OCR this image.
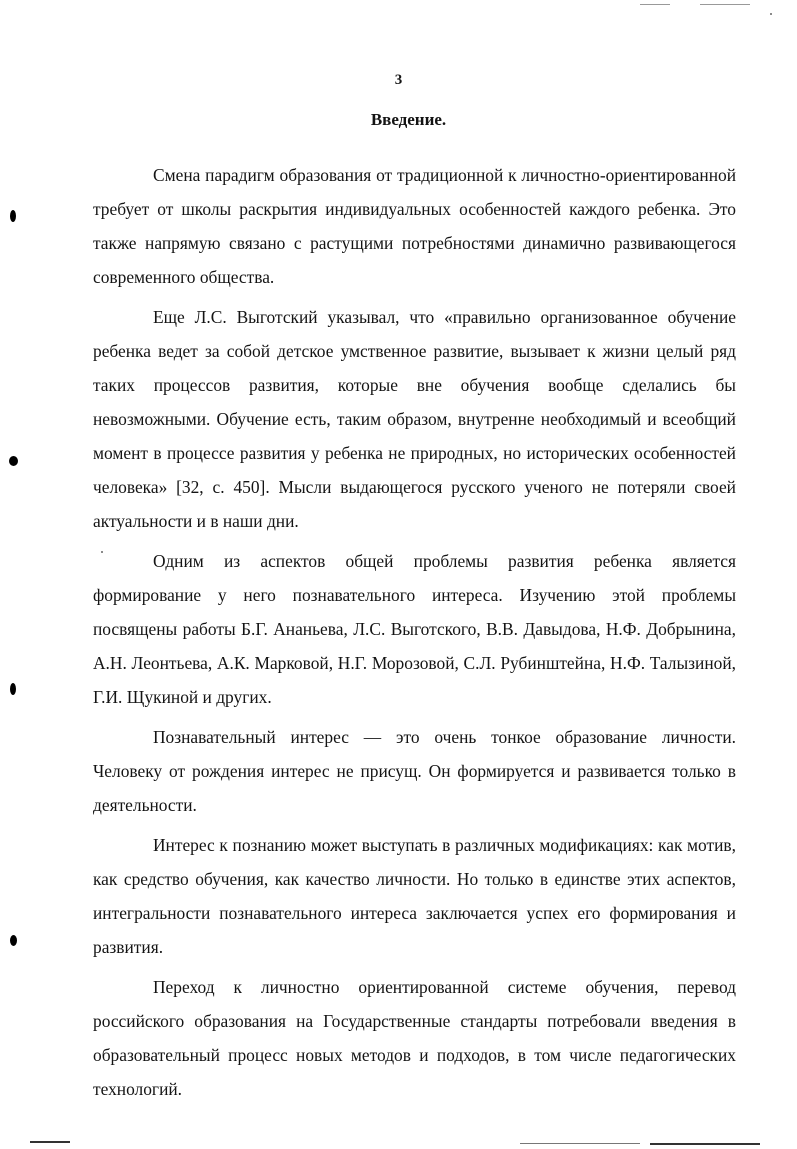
3
Введение.

Смена парадигм образования от традиционной к личностно-ориентированной требует от школы раскрытия индивидуальных особенностей каждого ребенка. Это также напрямую связано с растущими потребностями динамично развивающегося современного общества.

Еще Л.С. Выготский указывал, что «правильно организованное обучение ребенка ведет за собой детское умственное развитие, вызывает к жизни целый ряд таких процессов развития, которые вне обучения вообще сделались бы невозможными. Обучение есть, таким образом, внутренне необходимый и всеобщий момент в процессе развития у ребенка не природных, но исторических особенностей человека» [32, с. 450]. Мысли выдающегося русского ученого не потеряли своей актуальности и в наши дни.

Одним из аспектов общей проблемы развития ребенка является формирование у него познавательного интереса. Изучению этой проблемы посвящены работы Б.Г. Ананьева, Л.С. Выготского, В.В. Давыдова, Н.Ф. Добрынина, А.Н. Леонтьева, А.К. Марковой, Н.Г. Морозовой, С.Л. Рубинштейна, Н.Ф. Талызиной, Г.И. Щукиной и других.

Познавательный интерес — это очень тонкое образование личности. Человеку от рождения интерес не присущ. Он формируется и развивается только в деятельности.

Интерес к познанию может выступать в различных модификациях: как мотив, как средство обучения, как качество личности. Но только в единстве этих аспектов, интегральности познавательного интереса заключается успех его формирования и развития.

Переход к личностно ориентированной системе обучения, перевод российского образования на Государственные стандарты потребовали введения в образовательный процесс новых методов и подходов, в том числе педагогических технологий.
